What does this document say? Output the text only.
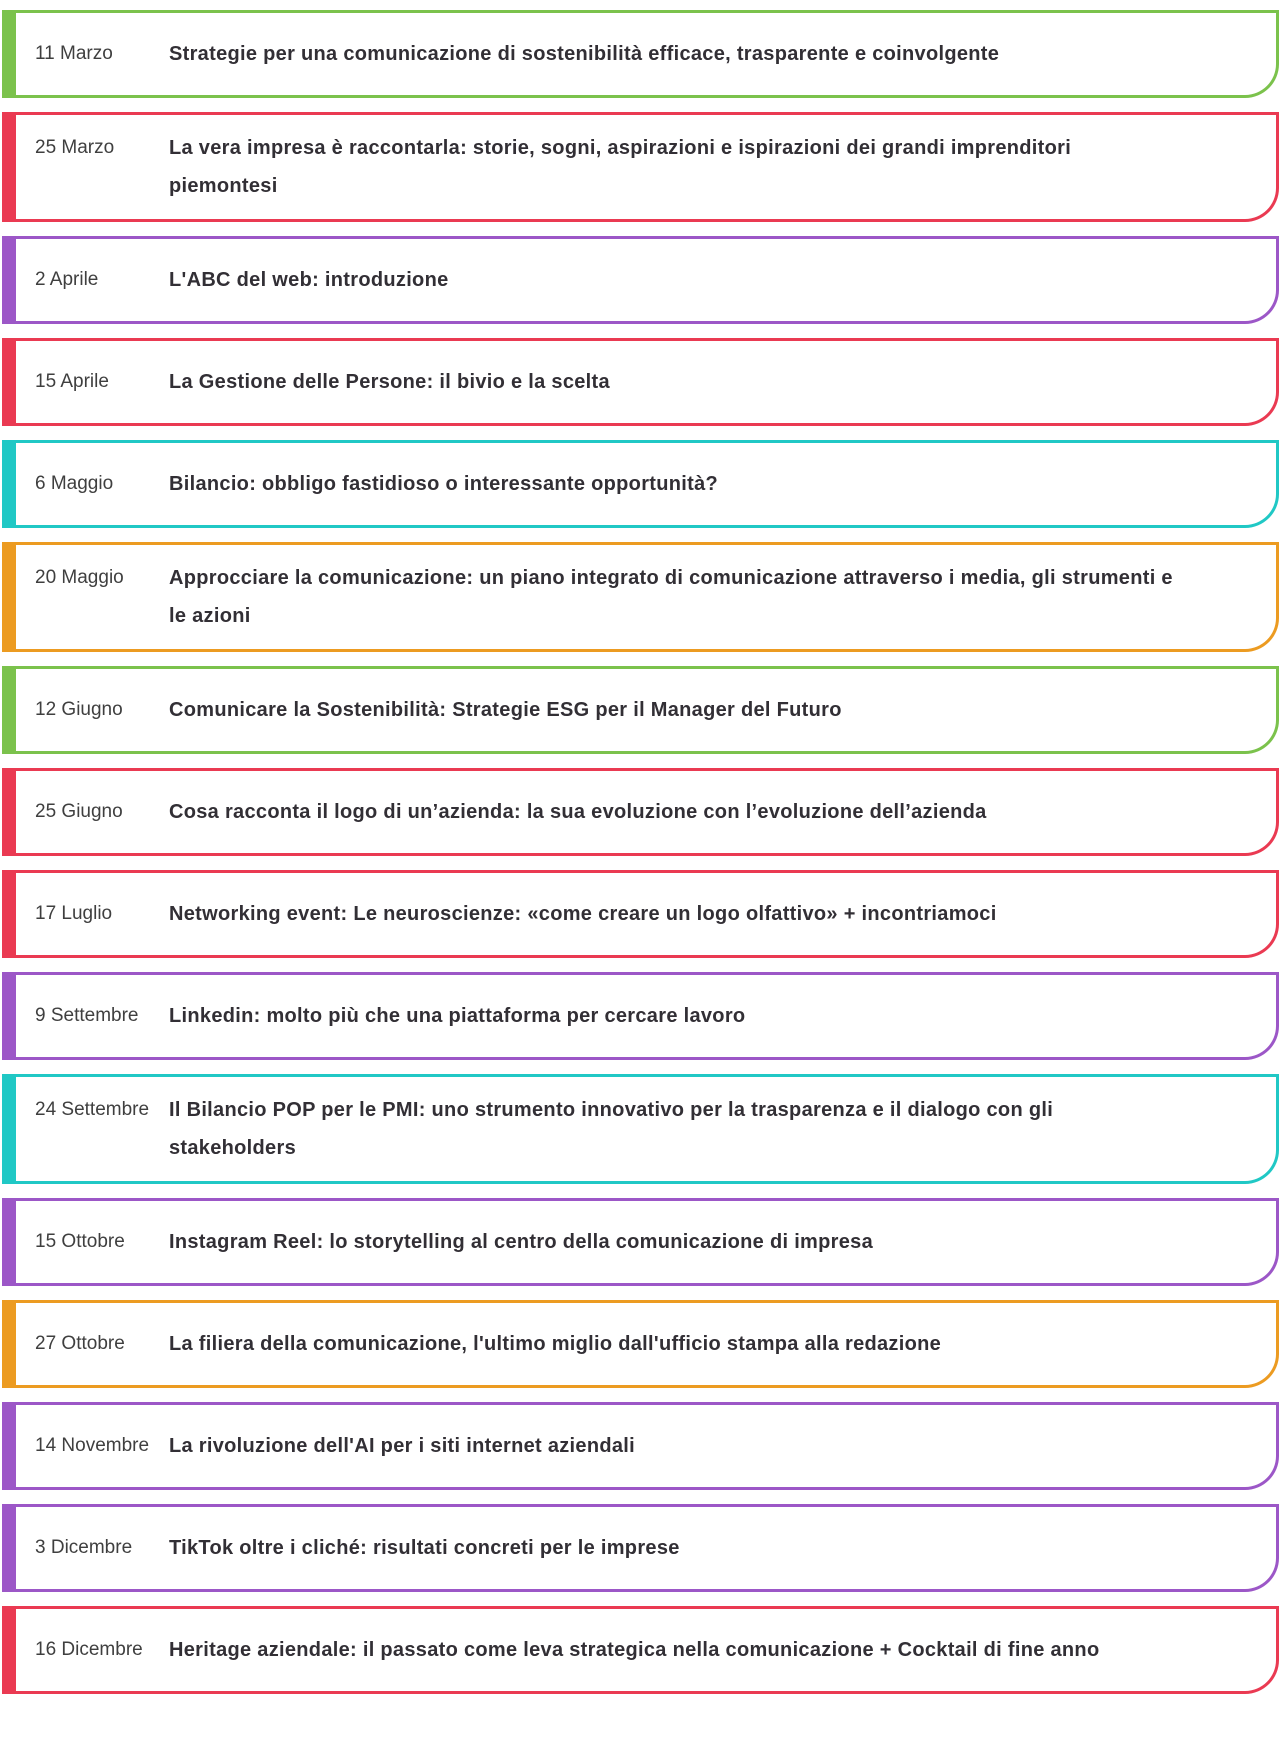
11 Marzo	Strategie per una comunicazione di sostenibilità efficace, trasparente e coinvolgente
25 Marzo	La vera impresa è raccontarla: storie, sogni, aspirazioni e ispirazioni dei grandi imprenditori piemontesi
2 Aprile	L'ABC del web: introduzione
15 Aprile	La Gestione delle Persone: il bivio e la scelta
6 Maggio	Bilancio: obbligo fastidioso o interessante opportunità?
20 Maggio	Approcciare la comunicazione: un piano integrato di comunicazione attraverso i media, gli strumenti e le azioni
12 Giugno	Comunicare la Sostenibilità: Strategie ESG per il Manager del Futuro
25 Giugno	Cosa racconta il logo di un’azienda: la sua evoluzione con l’evoluzione dell’azienda
17 Luglio	Networking event: Le neuroscienze: «come creare un logo olfattivo» + incontriamoci
9 Settembre	Linkedin: molto più che una piattaforma per cercare lavoro
24 Settembre Il Bilancio POP per le PMI: uno strumento innovativo per la trasparenza e il dialogo con gli stakeholders
15 Ottobre	Instagram Reel: lo storytelling al centro della comunicazione di impresa
27 Ottobre	La filiera della comunicazione, l'ultimo miglio dall'ufficio stampa alla redazione
14 Novembre La rivoluzione dell'AI per i siti internet aziendali
3 Dicembre	TikTok oltre i cliché: risultati concreti per le imprese
16 Dicembre	Heritage aziendale: il passato come leva strategica nella comunicazione + Cocktail di fine anno
